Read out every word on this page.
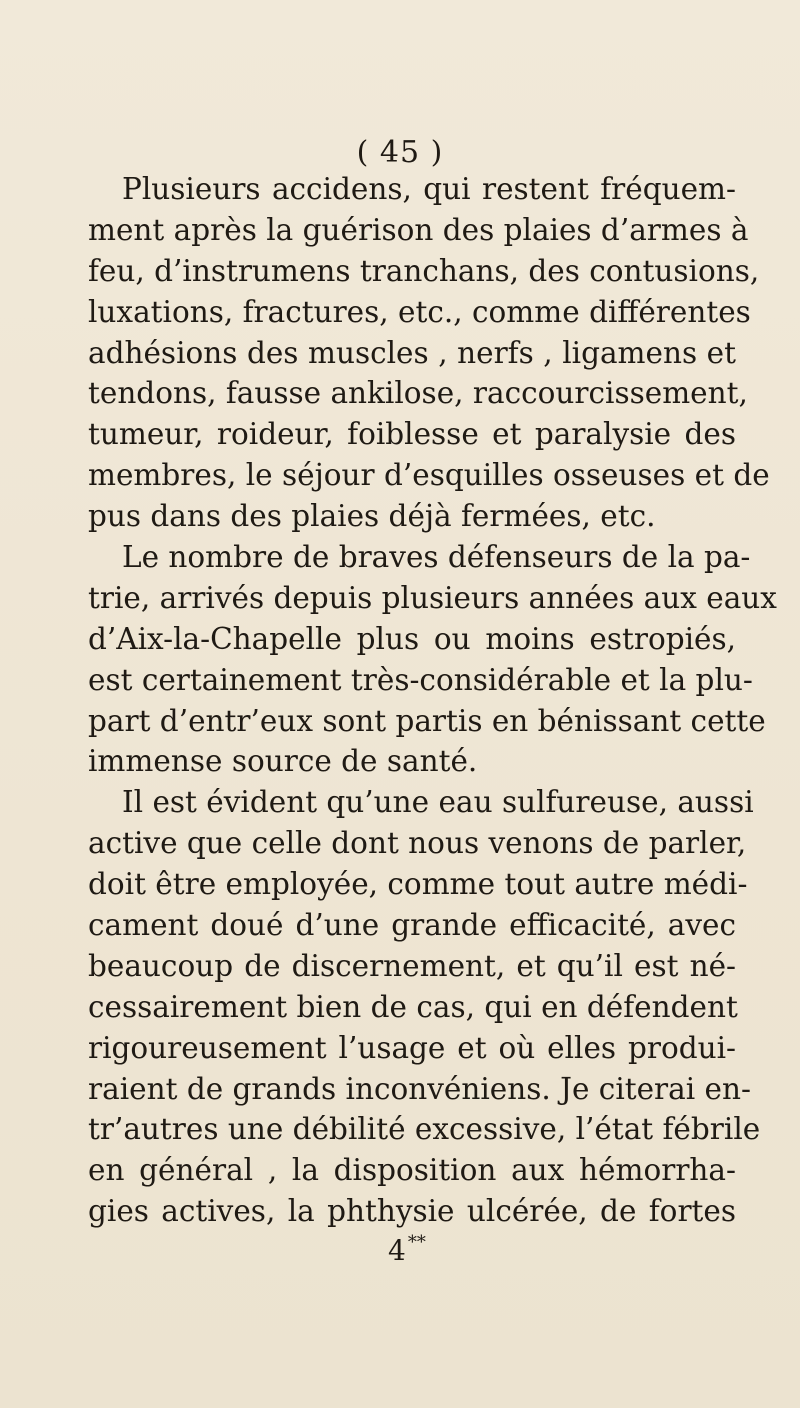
( 45 )
Plusieurs accidens, qui restent fréquem-
ment après la guérison des plaies d’armes à
feu, d’instrumens tranchans, des contusions,
luxations, fractures, etc., comme différentes
adhésions des muscles , nerfs , ligamens et
tendons, fausse ankilose, raccourcissement,
tumeur, roideur, foiblesse et paralysie des
membres, le séjour d’esquilles osseuses et de
pus dans des plaies déjà fermées, etc.
Le nombre de braves défenseurs de la pa-
trie, arrivés depuis plusieurs années aux eaux
d’Aix-la-Chapelle plus ou moins estropiés,
est certainement très-considérable et la plu-
part d’entr’eux sont partis en bénissant cette
immense source de santé.
Il est évident qu’une eau sulfureuse, aussi
active que celle dont nous venons de parler,
doit être employée, comme tout autre médi-
cament doué d’une grande efficacité, avec
beaucoup de discernement, et qu’il est né-
cessairement bien de cas, qui en défendent
rigoureusement l’usage et où elles produi-
raient de grands inconvéniens. Je citerai en-
tr’autres une débilité excessive, l’état fébrile
en général , la disposition aux hémorrha-
gies actives, la phthysie ulcérée, de fortes
4 **
